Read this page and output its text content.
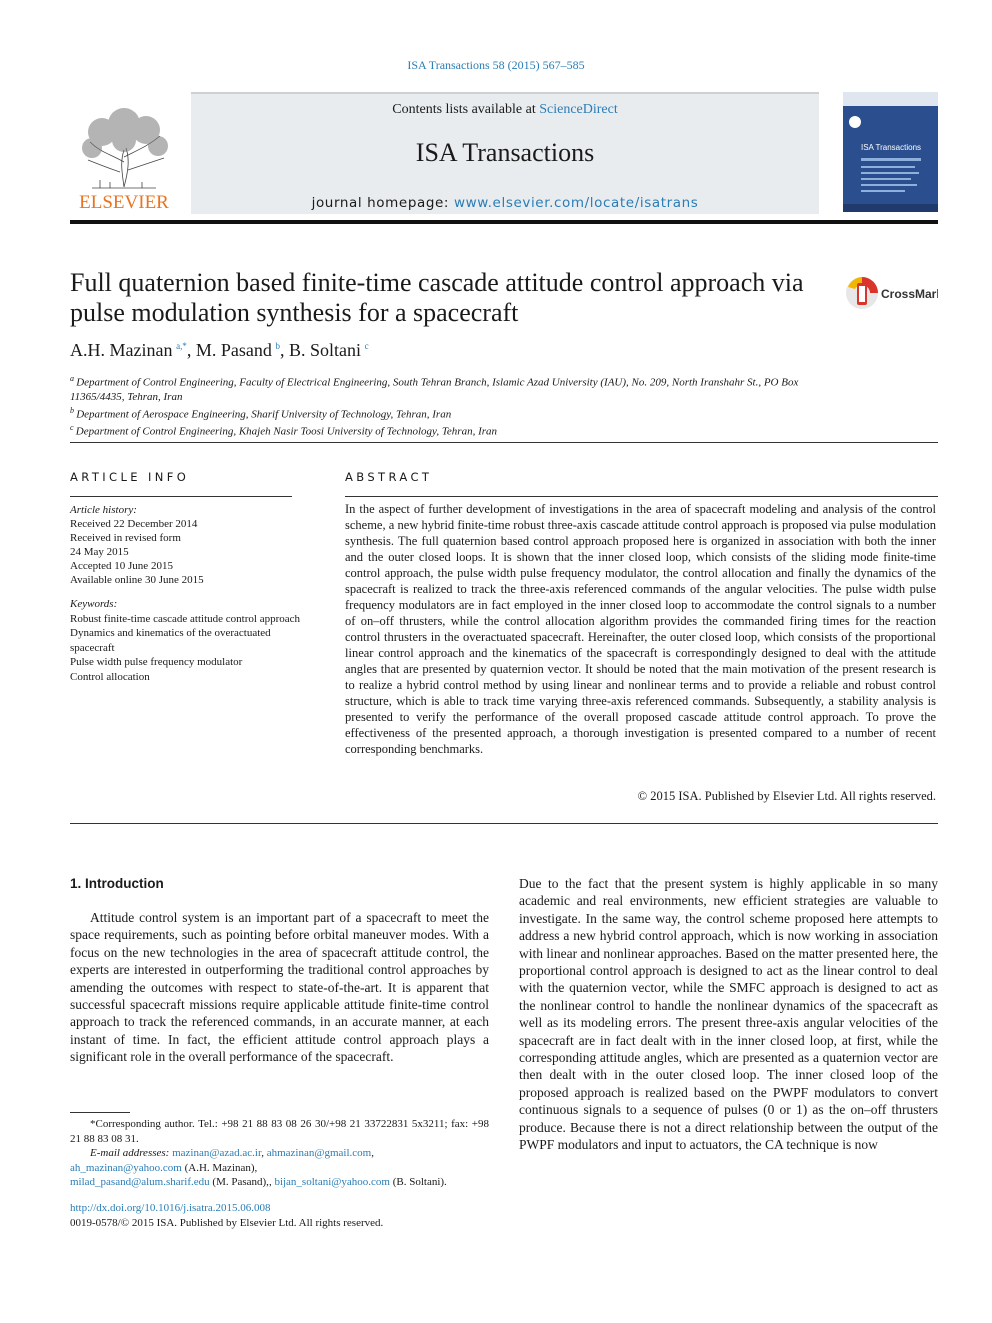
ISA Transactions 58 (2015) 567–585
ELSEVIER
Contents lists available at ScienceDirect
ISA Transactions
journal homepage: www.elsevier.com/locate/isatrans
ISA Transactions
Full quaternion based finite-time cascade attitude control approach via pulse modulation synthesis for a spacecraft
CrossMark
A.H. Mazinan  $^{a,*}$, M. Pasand  $^b$, B. Soltani  $^c$
$^a$  Department of Control Engineering, Faculty of Electrical Engineering, South Tehran Branch, Islamic Azad University (IAU), No. 209, North Iranshahr St., PO Box 11365/4435, Tehran, Iran
$^b$  Department of Aerospace Engineering, Sharif University of Technology, Tehran, Iran
$^c$  Department of Control Engineering, Khajeh Nasir Toosi University of Technology, Tehran, Iran
ARTICLE INFO	ABSTRACT
Article history:
Received 22 December 2014
Received in revised form
24 May 2015
Accepted 10 June 2015
Available online 30 June 2015
Keywords:
Robust finite-time cascade attitude control approach
Dynamics and kinematics of the overactuated spacecraft
Pulse width pulse frequency modulator
Control allocation
In the aspect of further development of investigations in the area of spacecraft modeling and analysis of the control scheme, a new hybrid finite-time robust three-axis cascade attitude control approach is proposed via pulse modulation synthesis. The full quaternion based control approach proposed here is organized in association with both the inner and the outer closed loops. It is shown that the inner closed loop, which consists of the sliding mode finite-time control approach, the pulse width pulse frequency modulator, the control allocation and finally the dynamics of the spacecraft is realized to track the three-axis referenced commands of the angular velocities. The pulse width pulse frequency modulators are in fact employed in the inner closed loop to accommodate the control signals to a number of on–off thrusters, while the control allocation algorithm provides the commanded firing times for the reaction control thrusters in the overactuated spacecraft. Hereinafter, the outer closed loop, which consists of the proportional linear control approach and the kinematics of the spacecraft is correspondingly designed to deal with the attitude angles that are presented by quaternion vector. It should be noted that the main motivation of the present research is to realize a hybrid control method by using linear and nonlinear terms and to provide a reliable and robust control structure, which is able to track time varying three-axis referenced commands. Subsequently, a stability analysis is presented to verify the performance of the overall proposed cascade attitude control approach. To prove the effectiveness of the presented approach, a thorough investigation is presented compared to a number of recent corresponding benchmarks.
© 2015 ISA. Published by Elsevier Ltd. All rights reserved.
1. Introduction
Attitude control system is an important part of a spacecraft to meet the space requirements, such as pointing before orbital maneuver modes. With a focus on the new technologies in the area of spacecraft attitude control, the experts are interested in outperforming the traditional control approaches by amending the outcomes with respect to state-of-the-art. It is apparent that successful spacecraft missions require applicable attitude finite-time control approach to track the referenced commands, in an accurate manner, at each instant of time. In fact, the efficient attitude control approach plays a significant role in the overall performance of the spacecraft.
Due to the fact that the present system is highly applicable in so many academic and real environments, new efficient strategies are valuable to investigate. In the same way, the control scheme proposed here attempts to address a new hybrid control approach, which is now working in association with linear and nonlinear approaches. Based on the matter presented here, the proportional control approach is designed to act as the linear control to deal with the quaternion vector, while the SMFC approach is designed to act as the nonlinear control to handle the nonlinear dynamics of the spacecraft as well as its modeling errors. The present three-axis angular velocities of the spacecraft are in fact dealt with in the inner closed loop, at first, while the corresponding attitude angles, which are presented as a quaternion vector are then dealt with in the outer closed loop. The inner closed loop of the proposed approach is realized based on the PWPF modulators to convert continuous signals to a sequence of pulses (0 or 1) as the on–off thrusters produce. Because there is not a direct relationship between the output of the PWPF modulators and input to actuators, the CA technique is now
*Corresponding author. Tel.: +98 21 88 83 08 26 30/+98 21 33722831 5x3211; fax: +98 21 88 83 08 31.
E-mail addresses: mazinan@azad.ac.ir, ahmazinan@gmail.com,
ah_mazinan@yahoo.com (A.H. Mazinan),
milad_pasand@alum.sharif.edu (M. Pasand),, bijan_soltani@yahoo.com (B. Soltani).
http://dx.doi.org/10.1016/j.isatra.2015.06.008
0019-0578/© 2015 ISA. Published by Elsevier Ltd. All rights reserved.
